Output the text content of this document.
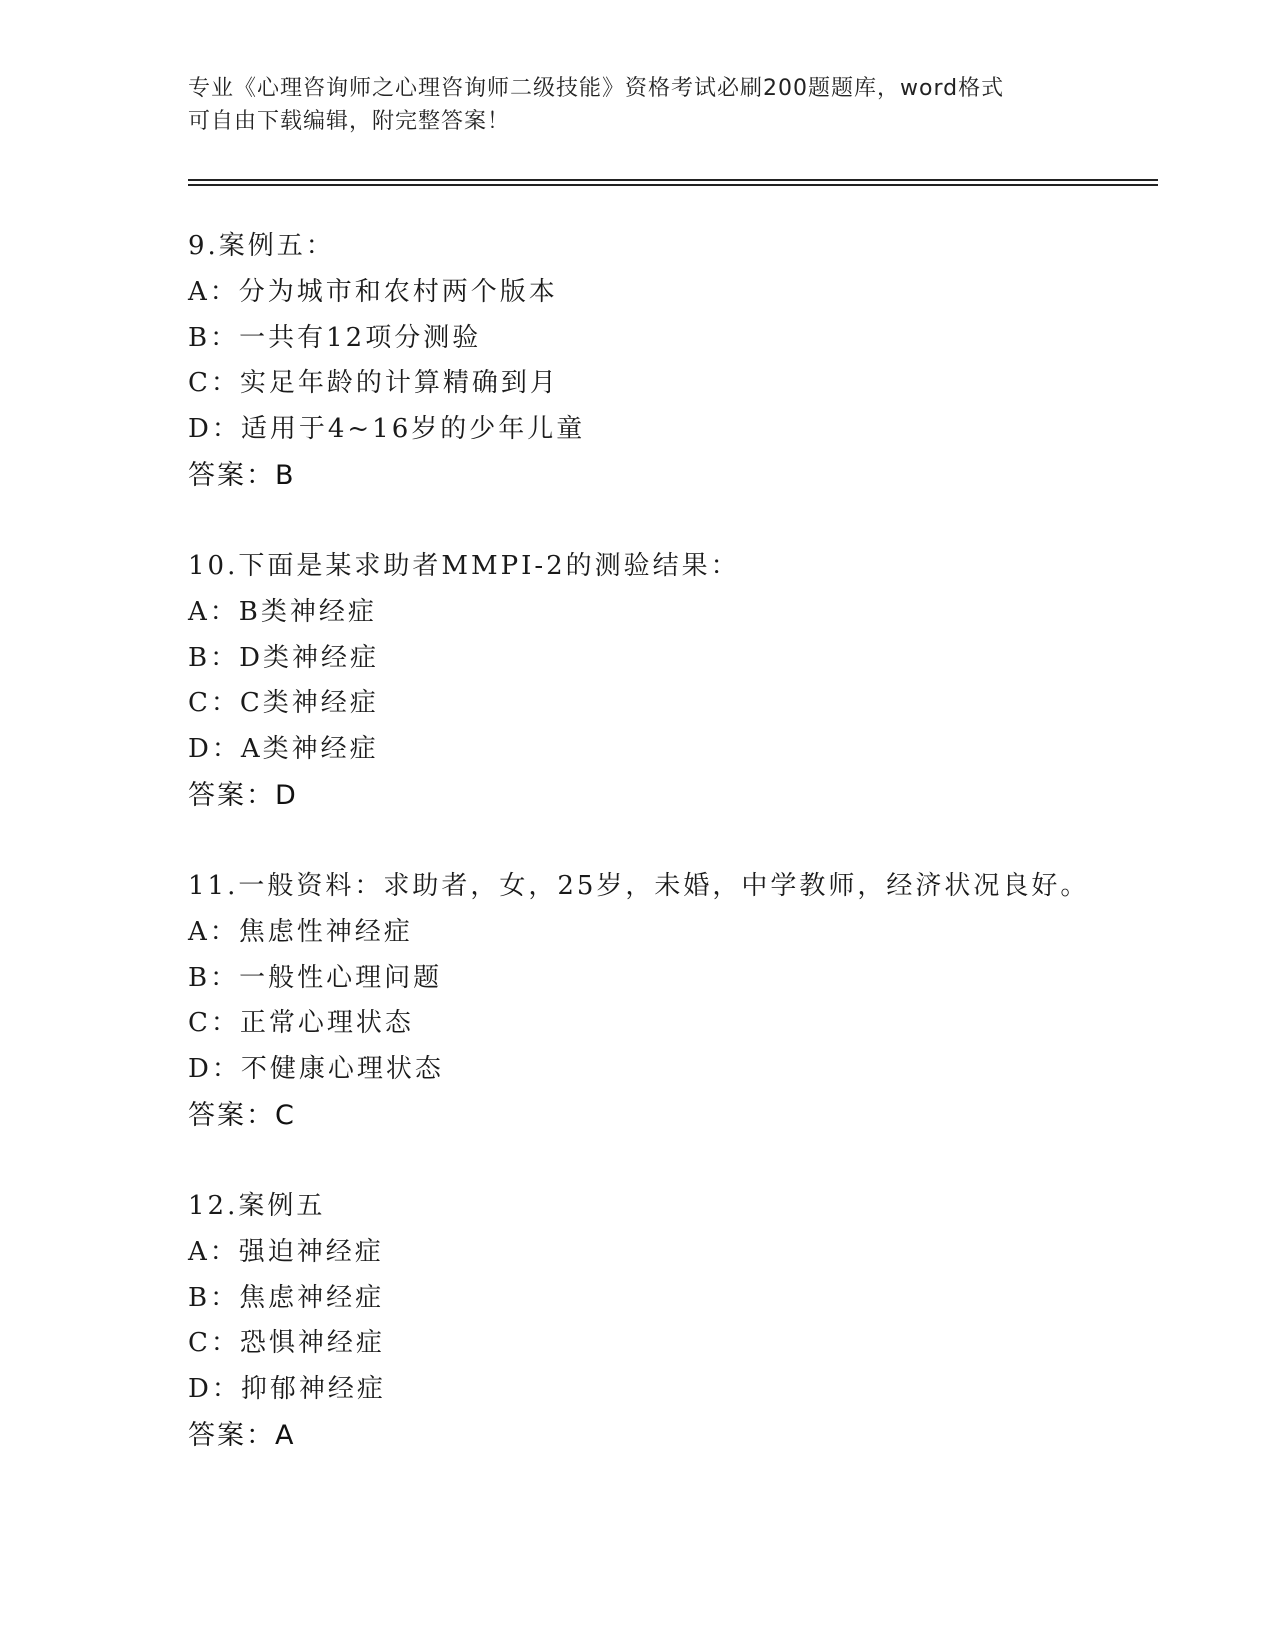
专业《心理咨询师之心理咨询师二级技能》资格考试必刷200题题库，word格式
可自由下载编辑，附完整答案！
9.案例五：
A：分为城市和农村两个版本
B：一共有12项分测验
C：实足年龄的计算精确到月
D：适用于4~16岁的少年儿童
答案：B
10.下面是某求助者MMPI-2的测验结果：
A：B类神经症
B：D类神经症
C：C类神经症
D：A类神经症
答案：D
11.一般资料：求助者，女，25岁，未婚，中学教师，经济状况良好。
A：焦虑性神经症
B：一般性心理问题
C：正常心理状态
D：不健康心理状态
答案：C
12.案例五
A：强迫神经症
B：焦虑神经症
C：恐惧神经症
D：抑郁神经症
答案：A
